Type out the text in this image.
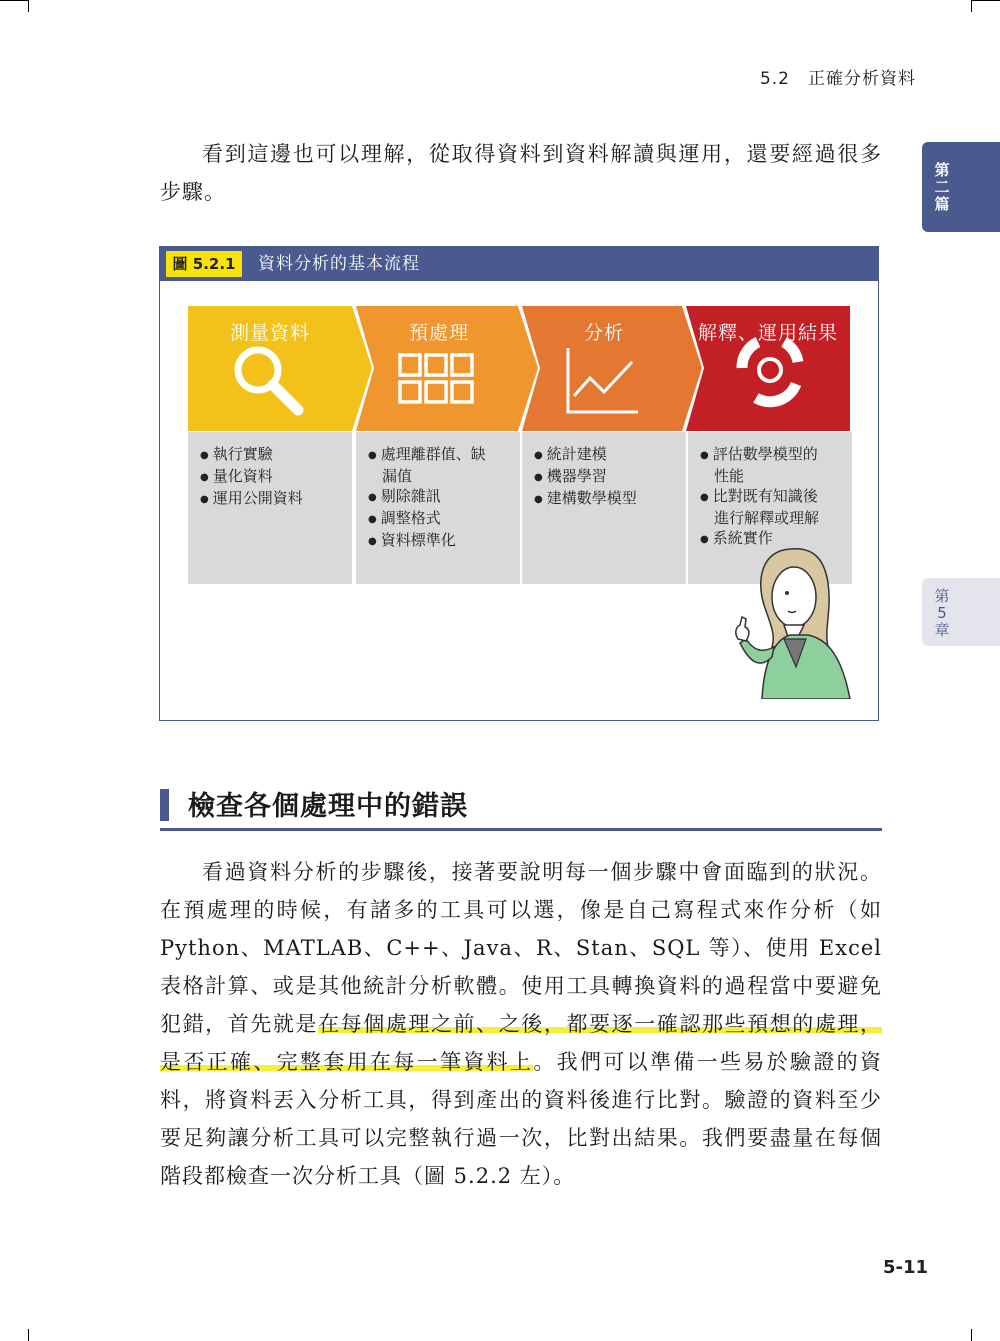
5.2　正確分析資料
第二篇
第5章

看到這邊也可以理解，從取得資料到資料解讀與運用，還要經過很多步驟。

圖 5.2.1	資料分析的基本流程
測量資料	預處理	分析	解釋、運用結果
● 執行實驗
● 量化資料
● 運用公開資料
● 處理離群值、缺漏值
● 剔除雜訊
● 調整格式
● 資料標準化
● 統計建模
● 機器學習
● 建構數學模型
● 評估數學模型的性能
● 比對既有知識後進行解釋或理解
● 系統實作
檢查各個處理中的錯誤

看過資料分析的步驟後，接著要說明每一個步驟中會面臨到的狀況。在預處理的時候，有諸多的工具可以選，像是自己寫程式來作分析（如 Python、MATLAB、C++、Java、R、Stan、SQL 等）、使用 Excel 表格計算、或是其他統計分析軟體。使用工具轉換資料的過程當中要避免犯錯，首先就是在每個處理之前、之後，都要逐一確認那些預想的處理，是否正確、完整套用在每一筆資料上。我們可以準備一些易於驗證的資料，將資料丟入分析工具，得到產出的資料後進行比對。驗證的資料至少要足夠讓分析工具可以完整執行過一次，比對出結果。我們要盡量在每個階段都檢查一次分析工具（圖 5.2.2 左）。

5-11
